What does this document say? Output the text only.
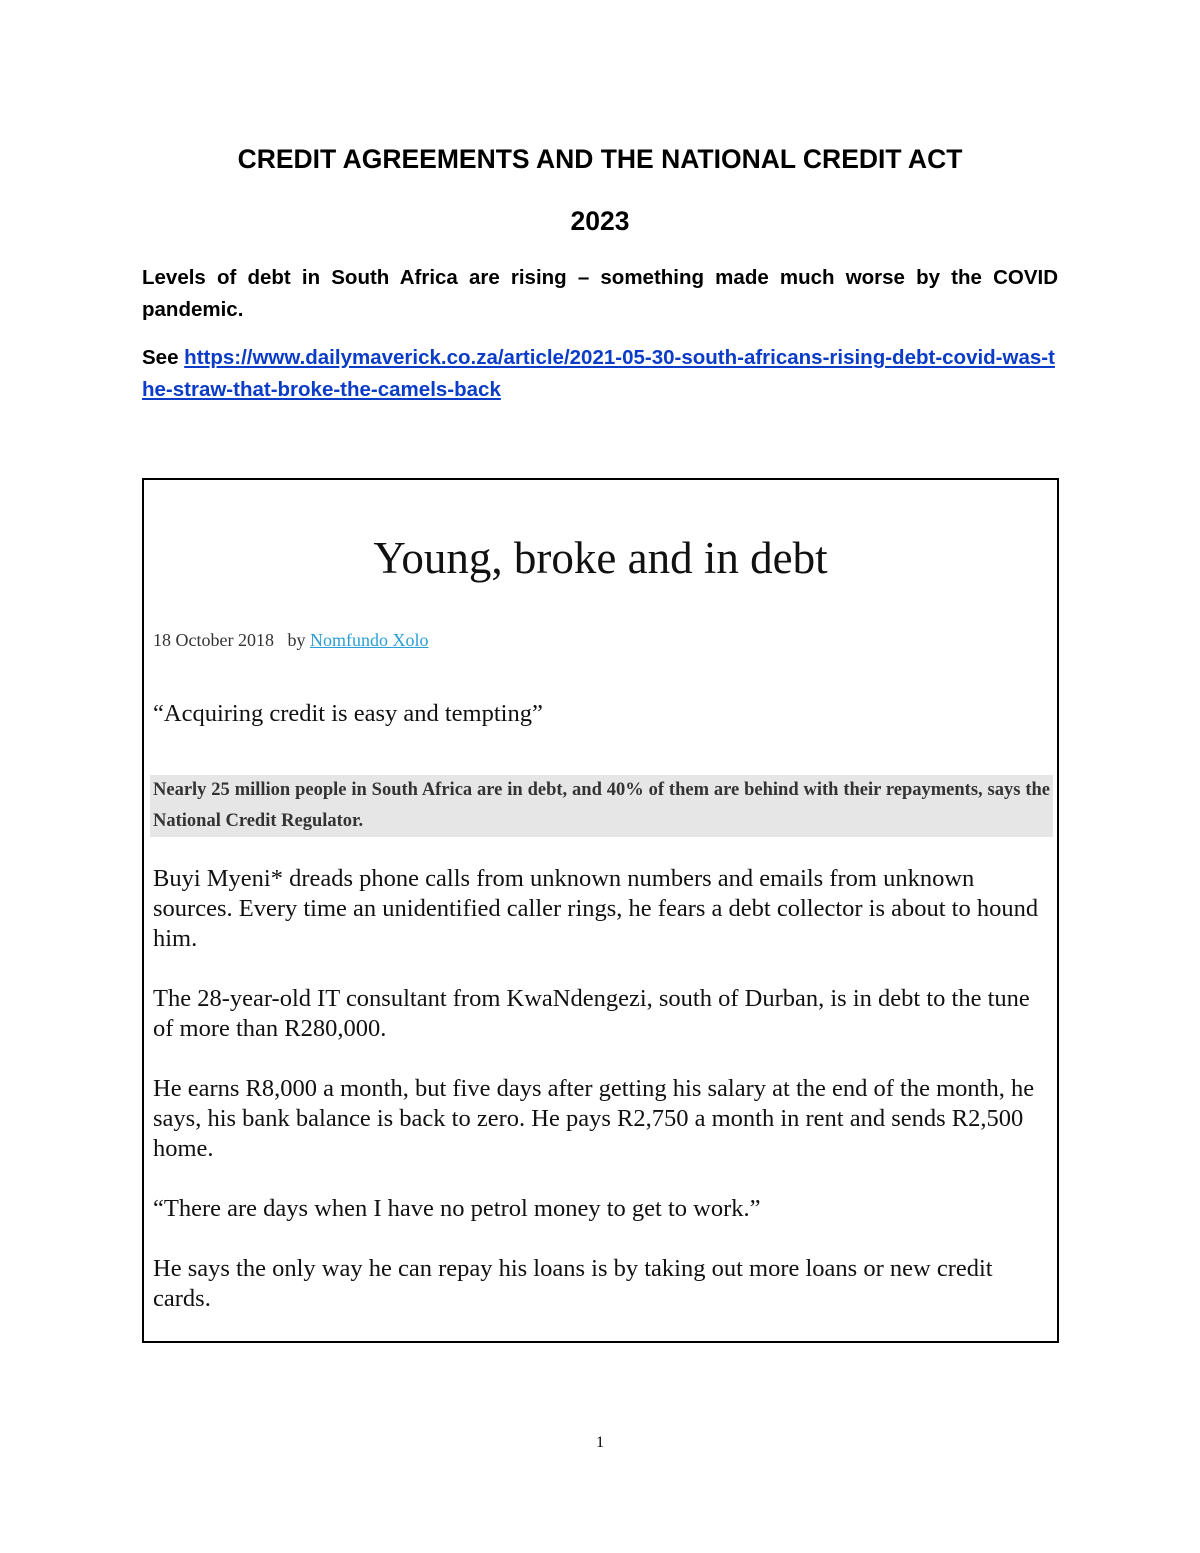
CREDIT AGREEMENTS AND THE NATIONAL CREDIT ACT
2023

Levels of debt in South Africa are rising – something made much worse by the COVID pandemic.

See https://www.dailymaverick.co.za/article/2021-05-30-south-africans-rising-debt-covid-was-the-straw-that-broke-the-camels-back

Young, broke and in debt
18 October 2018 by Nomfundo Xolo

“Acquiring credit is easy and tempting”

Nearly 25 million people in South Africa are in debt, and 40% of them are behind with their repayments, says the National Credit Regulator.

Buyi Myeni* dreads phone calls from unknown numbers and emails from unknown sources. Every time an unidentified caller rings, he fears a debt collector is about to hound him.

The 28-year-old IT consultant from KwaNdengezi, south of Durban, is in debt to the tune of more than R280,000.

He earns R8,000 a month, but five days after getting his salary at the end of the month, he says, his bank balance is back to zero. He pays R2,750 a month in rent and sends R2,500 home.

“There are days when I have no petrol money to get to work.”

He says the only way he can repay his loans is by taking out more loans or new credit cards.

1
